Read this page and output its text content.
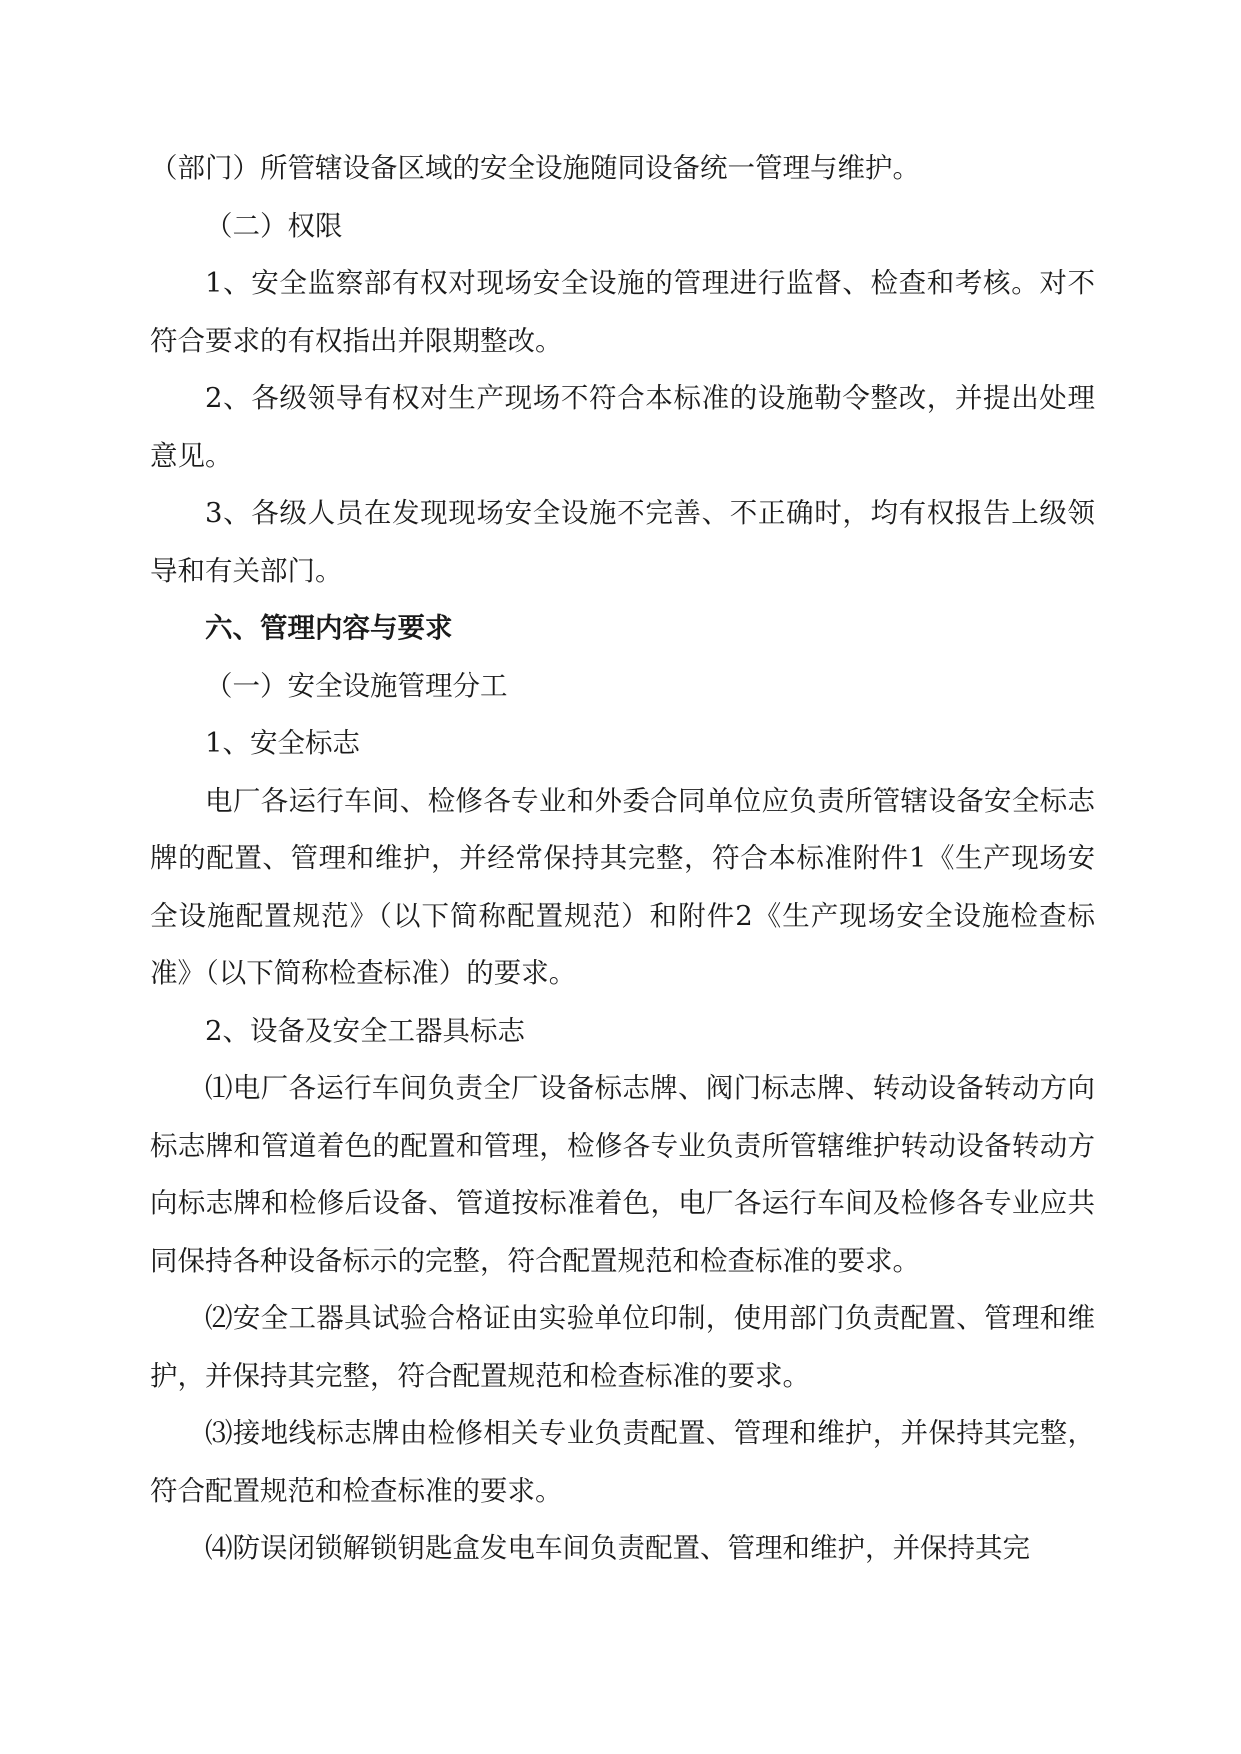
（部门）所管辖设备区域的安全设施随同设备统一管理与维护。

（二）权限

1、安全监察部有权对现场安全设施的管理进行监督、检查和考核。对不符合要求的有权指出并限期整改。

2、各级领导有权对生产现场不符合本标准的设施勒令整改，并提出处理意见。

3、各级人员在发现现场安全设施不完善、不正确时，均有权报告上级领导和有关部门。

六、管理内容与要求

（一）安全设施管理分工

1、安全标志

电厂各运行车间、检修各专业和外委合同单位应负责所管辖设备安全标志牌的配置、管理和维护，并经常保持其完整，符合本标准附件1《生产现场安全设施配置规范》（以下简称配置规范）和附件2《生产现场安全设施检查标准》（以下简称检查标准）的要求。

2、设备及安全工器具标志

⑴电厂各运行车间负责全厂设备标志牌、阀门标志牌、转动设备转动方向标志牌和管道着色的配置和管理，检修各专业负责所管辖维护转动设备转动方向标志牌和检修后设备、管道按标准着色，电厂各运行车间及检修各专业应共同保持各种设备标示的完整，符合配置规范和检查标准的要求。

⑵安全工器具试验合格证由实验单位印制，使用部门负责配置、管理和维护，并保持其完整，符合配置规范和检查标准的要求。

⑶接地线标志牌由检修相关专业负责配置、管理和维护，并保持其完整，符合配置规范和检查标准的要求。

⑷防误闭锁解锁钥匙盒发电车间负责配置、管理和维护，并保持其完
